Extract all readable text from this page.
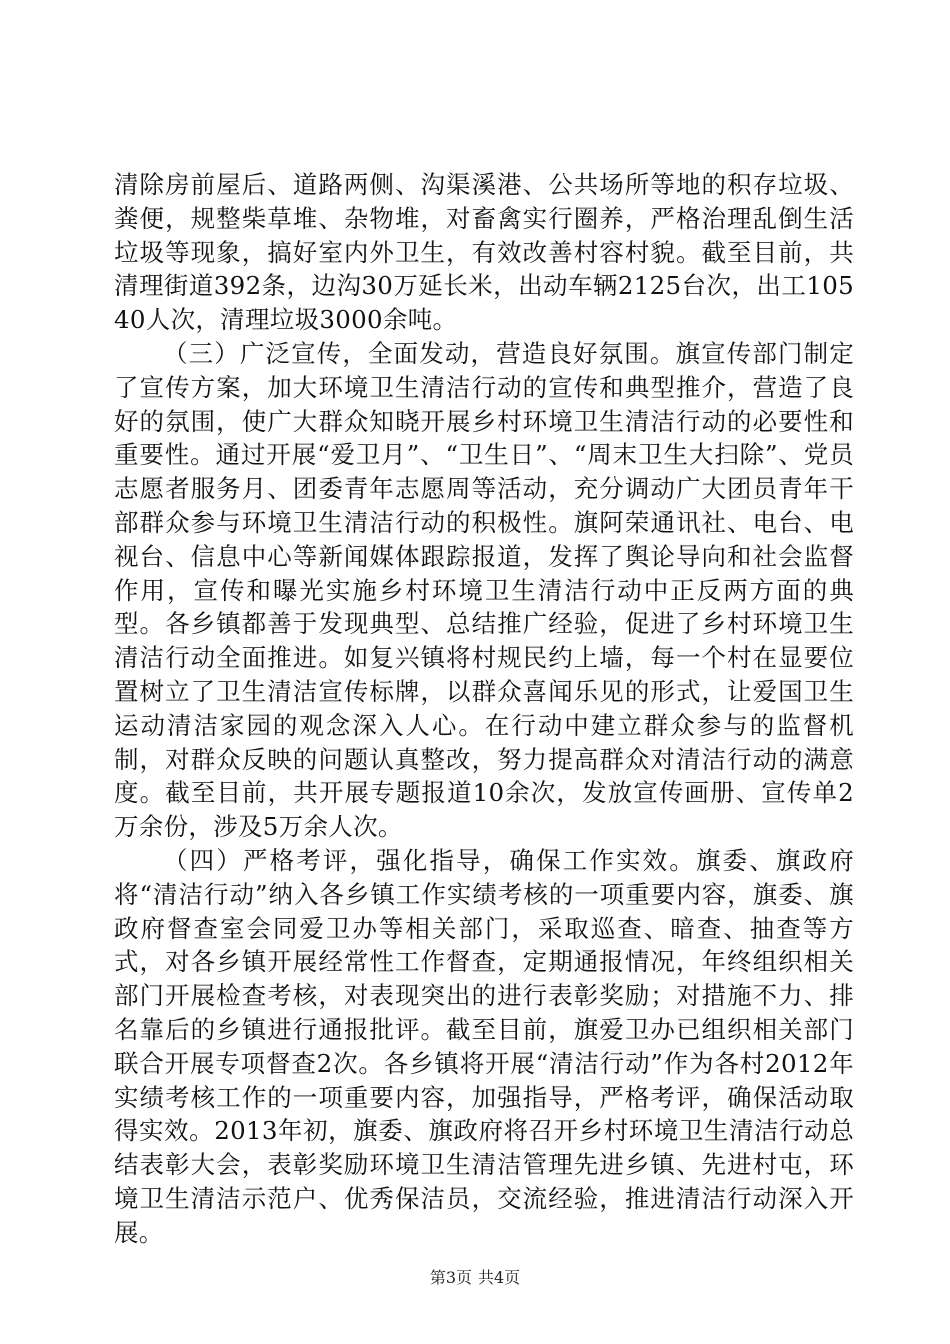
清除房前屋后、道路两侧、沟渠溪港、公共场所等地的积存垃圾、粪便，规整柴草堆、杂物堆，对畜禽实行圈养，严格治理乱倒生活垃圾等现象，搞好室内外卫生，有效改善村容村貌。截至目前，共清理街道392条，边沟30万延长米，出动车辆2125台次，出工10540人次，清理垃圾3000余吨。

（三）广泛宣传，全面发动，营造良好氛围。旗宣传部门制定了宣传方案，加大环境卫生清洁行动的宣传和典型推介，营造了良好的氛围，使广大群众知晓开展乡村环境卫生清洁行动的必要性和重要性。通过开展“爱卫月”、“卫生日”、“周末卫生大扫除”、党员志愿者服务月、团委青年志愿周等活动，充分调动广大团员青年干部群众参与环境卫生清洁行动的积极性。旗阿荣通讯社、电台、电视台、信息中心等新闻媒体跟踪报道，发挥了舆论导向和社会监督作用，宣传和曝光实施乡村环境卫生清洁行动中正反两方面的典型。各乡镇都善于发现典型、总结推广经验，促进了乡村环境卫生清洁行动全面推进。如复兴镇将村规民约上墙，每一个村在显要位置树立了卫生清洁宣传标牌，以群众喜闻乐见的形式，让爱国卫生运动清洁家园的观念深入人心。在行动中建立群众参与的监督机制，对群众反映的问题认真整改，努力提高群众对清洁行动的满意度。截至目前，共开展专题报道10余次，发放宣传画册、宣传单2万余份，涉及5万余人次。

（四）严格考评，强化指导，确保工作实效。旗委、旗政府将“清洁行动”纳入各乡镇工作实绩考核的一项重要内容，旗委、旗政府督查室会同爱卫办等相关部门，采取巡查、暗查、抽查等方式，对各乡镇开展经常性工作督查，定期通报情况，年终组织相关部门开展检查考核，对表现突出的进行表彰奖励；对措施不力、排名靠后的乡镇进行通报批评。截至目前，旗爱卫办已组织相关部门联合开展专项督查2次。各乡镇将开展“清洁行动”作为各村2012年实绩考核工作的一项重要内容，加强指导，严格考评，确保活动取得实效。2013年初，旗委、旗政府将召开乡村环境卫生清洁行动总结表彰大会，表彰奖励环境卫生清洁管理先进乡镇、先进村屯，环境卫生清洁示范户、优秀保洁员，交流经验，推进清洁行动深入开展。

第3页 共4页
